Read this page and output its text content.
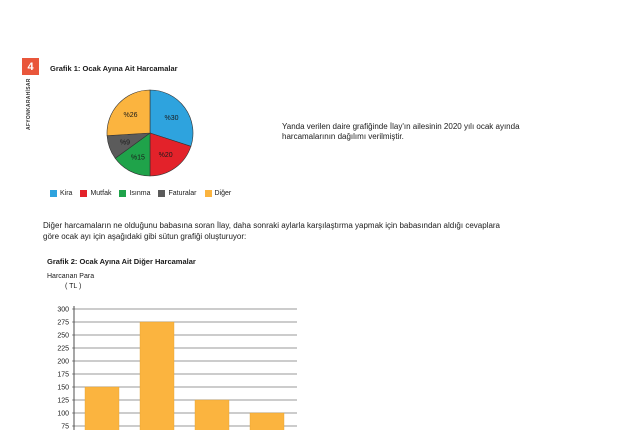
4
AFYONKARAHİSAR
Grafik 1: Ocak Ayına Ait Harcamalar
%30
%20
%15
%9
%26
Kira	Mutfak	Isınma	Faturalar	Diğer
Yanda verilen daire grafiğinde İlay'ın ailesinin 2020 yılı ocak ayında harcamalarının dağılımı verilmiştir.
Diğer harcamaların ne olduğunu babasına soran İlay, daha sonraki aylarla karşılaştırma yapmak için babasından aldığı cevaplara göre ocak ayı için aşağıdaki gibi sütun grafiği oluşturuyor:
Grafik 2: Ocak Ayına Ait Diğer Harcamalar
Harcanan Para
( TL )
75
100
125
150
175
200
225
250
275
300
